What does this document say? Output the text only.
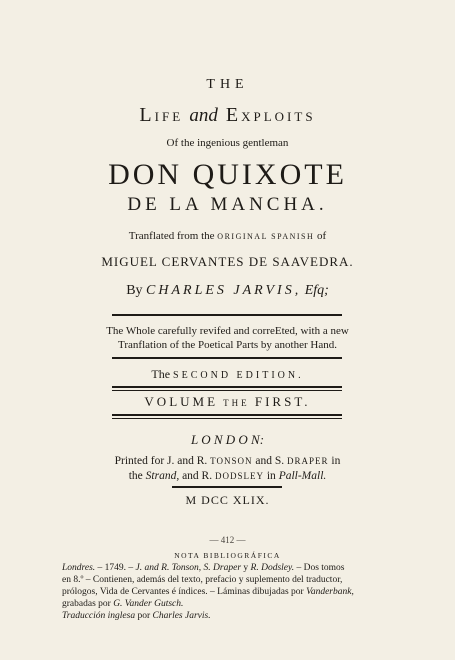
THE
LIFE and EXPLOITS
Of the ingenious gentleman
DON QUIXOTE
DE LA MANCHA.
Tranflated from the ORIGINAL SPANISH of
MIGUEL CERVANTES DE SAAVEDRA.
By CHARLES JARVIS, Efq;
The Whole carefully revifed and correEted, with a new
Tranflation of the Poetical Parts by another Hand.
The SECOND EDITION.
VOLUME THE FIRST.
L O N D O N:
Printed for J. and R. TONSON and S. DRAPER in
the Strand, and R. DODSLEY in Pall-Mall.
M DCC XLIX.
— 412 —
NOTA BIBLIOGRÁFICA
Londres. – 1749. – J. and R. Tonson, S. Draper y R. Dodsley. – Dos tomos
en 8.º – Contienen, además del texto, prefacio y suplemento del traductor,
prólogos, Vida de Cervantes é índices. – Láminas dibujadas por Vanderbank,
grabadas por G. Vander Gutsch.
Traducción inglesa por Charles Jarvis.
